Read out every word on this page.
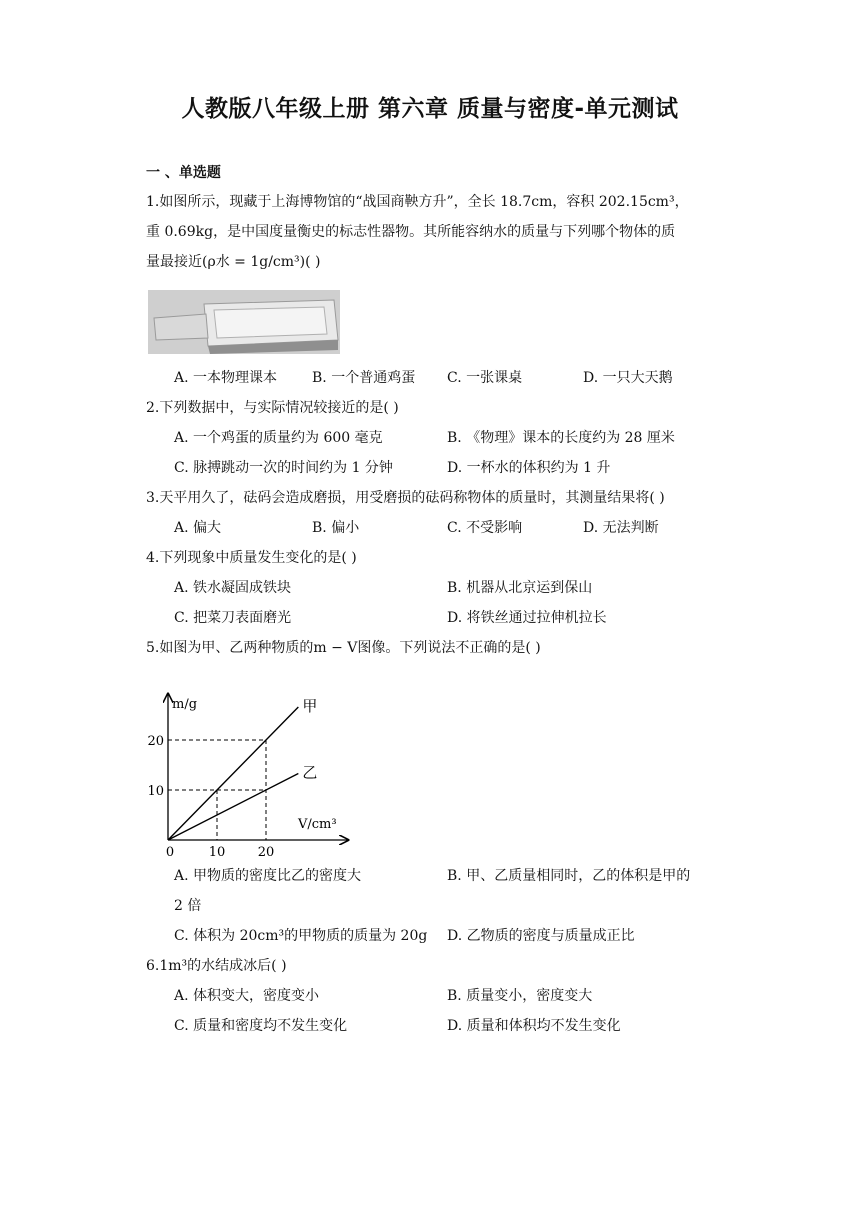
人教版八年级上册 第六章 质量与密度-单元测试
一 、单选题
1.如图所示，现藏于上海博物馆的“战国商鞅方升”，全长 18.7cm，容积 202.15cm³，
重 0.69kg，是中国度量衡史的标志性器物。其所能容纳水的质量与下列哪个物体的质
量最接近(ρ水 = 1g/cm³)( )
A. 一本物理课本 B. 一个普通鸡蛋 C. 一张课桌	D. 一只大天鹅
2.下列数据中，与实际情况较接近的是( )
A. 一个鸡蛋的质量约为 600 毫克	B. 《物理》课本的长度约为 28 厘米
C. 脉搏跳动一次的时间约为 1 分钟	D. 一杯水的体积约为 1 升
3.天平用久了，砝码会造成磨损，用受磨损的砝码称物体的质量时，其测量结果将( )
A. 偏大	B. 偏小	C. 不受影响	D. 无法判断
4.下列现象中质量发生变化的是( )
A. 铁水凝固成铁块	B. 机器从北京运到保山
C. 把菜刀表面磨光	D. 将铁丝通过拉伸机拉长
5.如图为甲、乙两种物质的m − V图像。下列说法不正确的是( )
m/g
V/cm³
0	10 20
10
20
甲
乙
A. 甲物质的密度比乙的密度大	B. 甲、乙质量相同时，乙的体积是甲的
2 倍
C. 体积为 20cm³的甲物质的质量为 20g D. 乙物质的密度与质量成正比
6.1m³的水结成冰后( )
A. 体积变大，密度变小	B. 质量变小，密度变大
C. 质量和密度均不发生变化	D. 质量和体积均不发生变化
